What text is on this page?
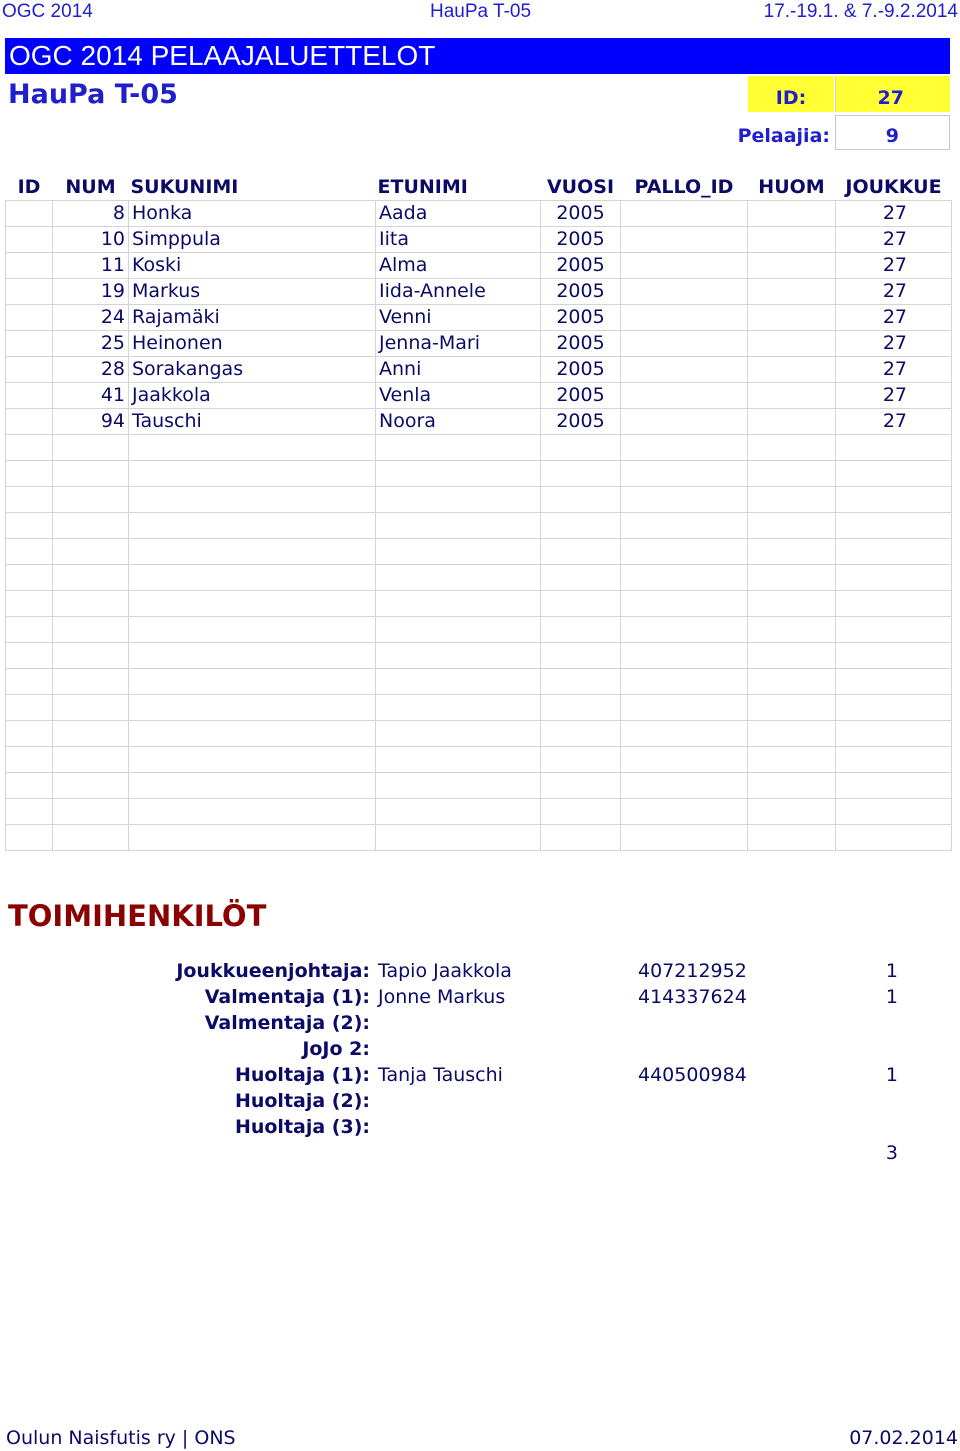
OGC 2014	HauPa T-05	17.-19.1. & 7.-9.2.2014
OGC 2014 PELAAJALUETTELOT
HauPa T-05	ID:	27
Pelaajia:	9
ID	NUM	SUKUNIMI	ETUNIMI	VUOSI	PALLO_ID	HUOM	JOUKKUE
	8	Honka	Aada	2005			27
	10	Simppula	Iita	2005			27
	11	Koski	Alma	2005			27
	19	Markus	Iida-Annele	2005			27
	24	Rajamäki	Venni	2005			27
	25	Heinonen	Jenna-Mari	2005			27
	28	Sorakangas	Anni	2005			27
	41	Jaakkola	Venla	2005			27
	94	Tauschi	Noora	2005			27

TOIMIHENKILÖT
Joukkueenjohtaja: Tapio Jaakkola	407212952	1
Valmentaja (1): Jonne Markus	414337624	1
Valmentaja (2):
JoJo 2:
Huoltaja (1): Tanja Tauschi	440500984	1
Huoltaja (2):
Huoltaja (3):
3
Oulun Naisfutis ry | ONS	07.02.2014
